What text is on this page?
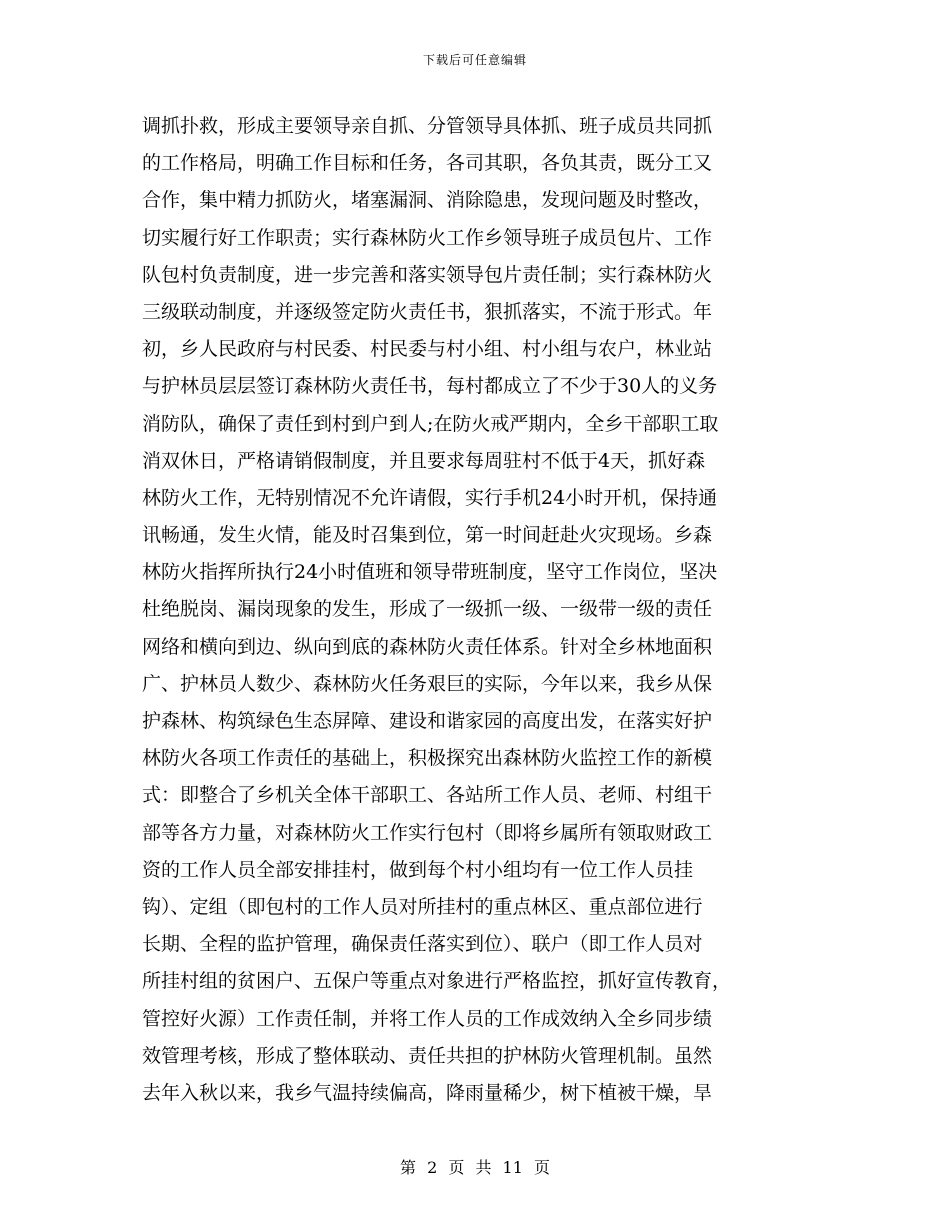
下载后可任意编辑
调抓扑救，形成主要领导亲自抓、分管领导具体抓、班子成员共同抓
的工作格局，明确工作目标和任务，各司其职，各负其责，既分工又
合作，集中精力抓防火，堵塞漏洞、消除隐患，发现问题及时整改，
切实履行好工作职责；实行森林防火工作乡领导班子成员包片、工作
队包村负责制度，进一步完善和落实领导包片责任制；实行森林防火
三级联动制度，并逐级签定防火责任书，狠抓落实，不流于形式。年
初，乡人民政府与村民委、村民委与村小组、村小组与农户，林业站
与护林员层层签订森林防火责任书，每村都成立了不少于30人的义务
消防队，确保了责任到村到户到人;在防火戒严期内，全乡干部职工取
消双休日，严格请销假制度，并且要求每周驻村不低于4天，抓好森
林防火工作，无特别情况不允许请假，实行手机24小时开机，保持通
讯畅通，发生火情，能及时召集到位，第一时间赶赴火灾现场。乡森
林防火指挥所执行24小时值班和领导带班制度，坚守工作岗位，坚决
杜绝脱岗、漏岗现象的发生，形成了一级抓一级、一级带一级的责任
网络和横向到边、纵向到底的森林防火责任体系。针对全乡林地面积
广、护林员人数少、森林防火任务艰巨的实际，今年以来，我乡从保
护森林、构筑绿色生态屏障、建设和谐家园的高度出发，在落实好护
林防火各项工作责任的基础上，积极探究出森林防火监控工作的新模
式：即整合了乡机关全体干部职工、各站所工作人员、老师、村组干
部等各方力量，对森林防火工作实行包村（即将乡属所有领取财政工
资的工作人员全部安排挂村，做到每个村小组均有一位工作人员挂
钩）、定组（即包村的工作人员对所挂村的重点林区、重点部位进行
长期、全程的监护管理，确保责任落实到位）、联户（即工作人员对
所挂村组的贫困户、五保户等重点对象进行严格监控，抓好宣传教育，
管控好火源）工作责任制，并将工作人员的工作成效纳入全乡同步绩
效管理考核，形成了整体联动、责任共担的护林防火管理机制。虽然
去年入秋以来，我乡气温持续偏高，降雨量稀少，树下植被干燥，旱
第 2 页 共 11 页
